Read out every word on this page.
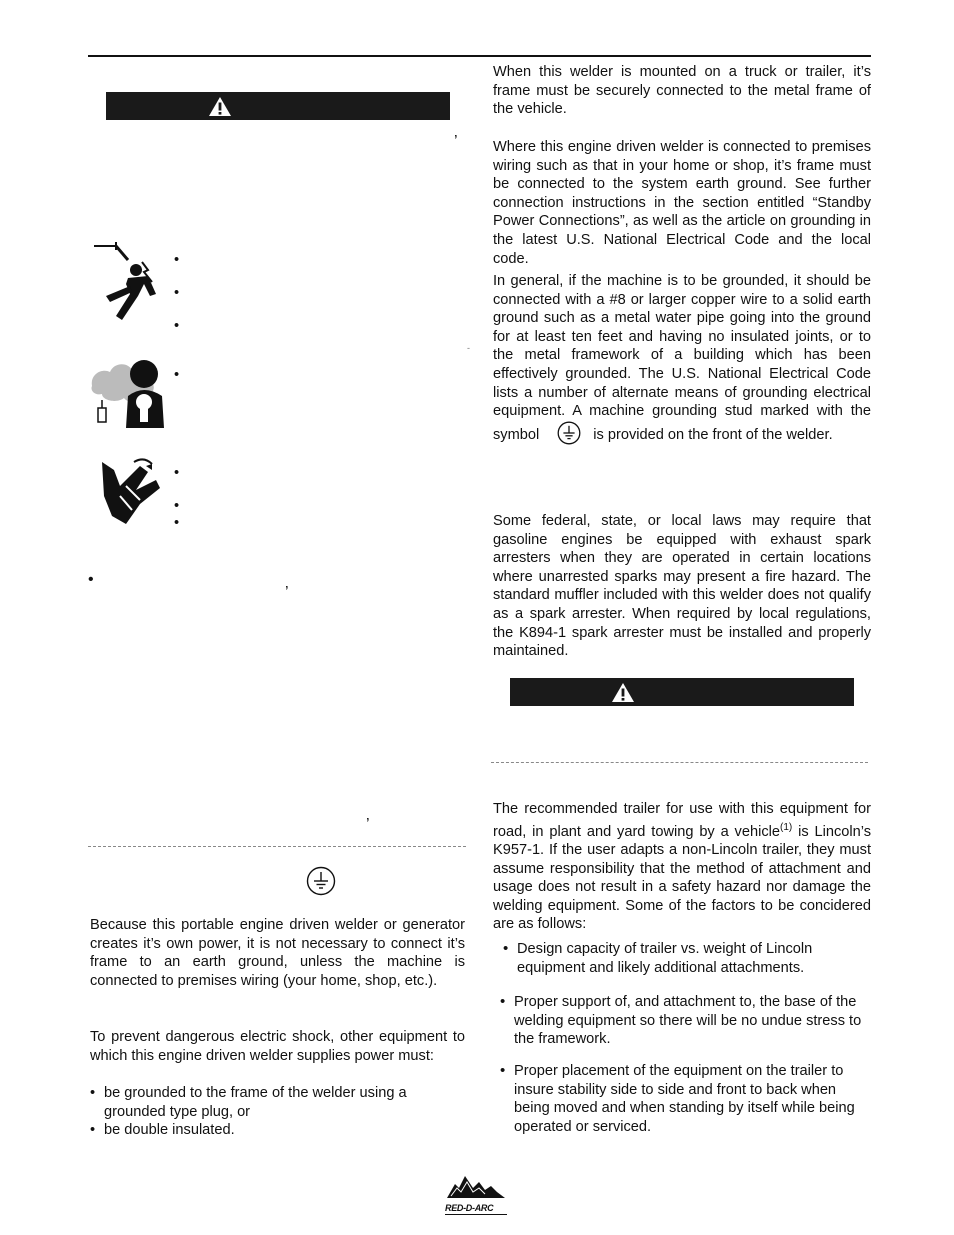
’
•
•
•
•
•
•
•
•
’
-
’

Because this portable engine driven welder or generator creates it’s own power, it is not necessary to connect it’s frame to an earth ground, unless the machine is connected to premises wiring (your home, shop, etc.).

To prevent dangerous electric shock, other equipment to which this engine driven welder supplies power must:

• be grounded to the frame of the welder using a grounded type plug, or

• be double insulated.

When this welder is mounted on a truck or trailer, it’s frame must be securely connected to the metal frame of the vehicle.

Where this engine driven welder is connected to premises wiring such as that in your home or shop, it’s frame must be connected to the system earth ground. See further connection instructions in the section entitled “Standby Power Connections”, as well as the article on grounding in the latest U.S. National Electrical Code and the local code.

In general, if the machine is to be grounded, it should be connected with a #8 or larger copper wire to a solid earth ground such as a metal water pipe going into the ground for at least ten feet and having no insulated joints, or to the metal framework of a building which has been effectively grounded. The U.S. National Electrical Code lists a number of alternate means of grounding electrical equipment. A machine grounding stud marked with the symbol	is provided on the front of the welder.

Some federal, state, or local laws may require that gasoline engines be equipped with exhaust spark arresters when they are operated in certain locations where unarrested sparks may present a fire hazard. The standard muffler included with this welder does not qualify as a spark arrester. When required by local regulations, the K894-1 spark arrester must be installed and properly maintained.

The recommended trailer for use with this equipment for road, in plant and yard towing by a vehicle$^{(1)}$ is Lincoln’s K957-1. If the user adapts a non-Lincoln trailer, they must assume responsibility that the method of attachment and usage does not result in a safety hazard nor damage the welding equipment. Some of the factors to be concidered are as follows:

• Design capacity of trailer vs. weight of Lincoln equipment and likely additional attachments.

• Proper support of, and attachment to, the base of the welding equipment so there will be no undue stress to the framework.

• Proper placement of the equipment on the trailer to insure stability side to side and front to back when being moved and when standing by itself while being operated or serviced.

RED-D-ARC
